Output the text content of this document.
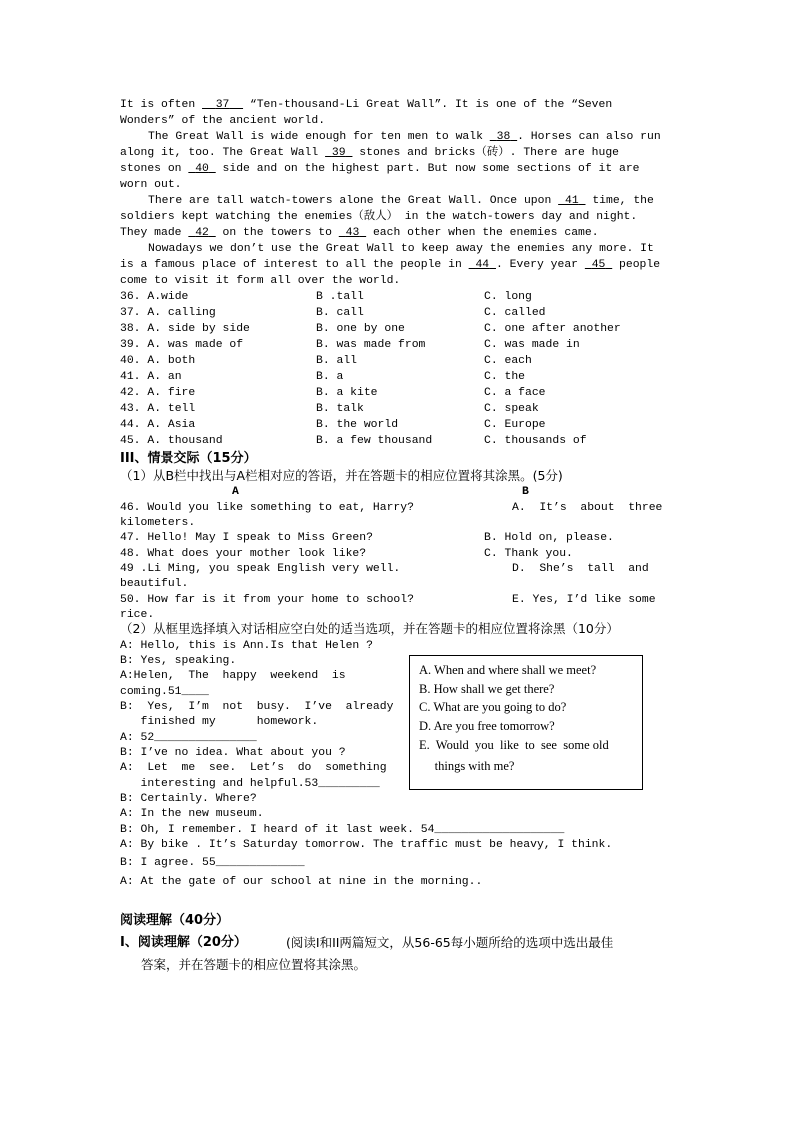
It is often   37   “Ten-thousand-Li Great Wall”. It is one of the “Seven
Wonders” of the ancient world.
The Great Wall is wide enough for ten men to walk  38 . Horses can also run
along it, too. The Great Wall  39  stones and bricks（砖）. There are huge
stones on  40  side and on the highest part. But now some sections of it are
worn out.
There are tall watch-towers alone the Great Wall. Once upon  41  time, the
soldiers kept watching the enemies（敌人） in the watch-towers day and night.
They made  42  on the towers to  43  each other when the enemies came.
Nowadays we don’t use the Great Wall to keep away the enemies any more. It
is a famous place of interest to all the people in  44 . Every year  45  people
come to visit it form all over the world.
36. A.wide	B .tall	C. long
37. A. calling	B. call	C. called
38. A. side by side	B. one by one	C. one after another
39. A. was made of	B. was made from	C. was made in
40. A. both	B. all	C. each
41. A. an	B. a	C. the
42. A. fire	B. a kite	C. a face
43. A. tell	B. talk	C. speak
44. A. Asia	B. the world	C. Europe
45. A. thousand	B. a few thousand	C. thousands of
III、情景交际（15分）
（1）从B栏中找出与A栏相对应的答语，并在答题卡的相应位置将其涂黑。(5分)
A	B
46. Would you like something to eat, Harry?	A.  It’s  about  three
kilometers.
47. Hello! May I speak to Miss Green?	B. Hold on, please.
48. What does your mother look like?	C. Thank you.
49 .Li Ming, you speak English very well.	D.  She’s  tall  and
beautiful.
50. How far is it from your home to school?	E. Yes, I’d like some
rice.
（2）从框里选择填入对话相应空白处的适当选项，并在答题卡的相应位置将涂黑（10分）
A: Hello, this is Ann.Is that Helen ?
B: Yes, speaking.
A:Helen,  The  happy  weekend  is
coming.51____
B:  Yes,  I’m  not  busy.  I’ve  already
finished my      homework.
A: 52_______________
B: I’ve no idea. What about you ?
A:  Let  me  see.  Let’s  do  something
interesting and helpful.53_________
B: Certainly. Where?
A: In the new museum.
B: Oh, I remember. I heard of it last week. 54___________________
A: By bike . It’s Saturday tomorrow. The traffic must be heavy, I think.
B: I agree. 55_____________
A: At the gate of our school at nine in the morning..
A. When and where shall we meet?
B. How shall we get there?
C. What are you going to do?
D. Are you free tomorrow?
E.  Would  you  like  to  see  some old
things with me?
阅读理解（40分）
I、阅读理解（20分）	(阅读I和II两篇短文，从56-65每小题所给的选项中选出最佳
答案，并在答题卡的相应位置将其涂黑。
